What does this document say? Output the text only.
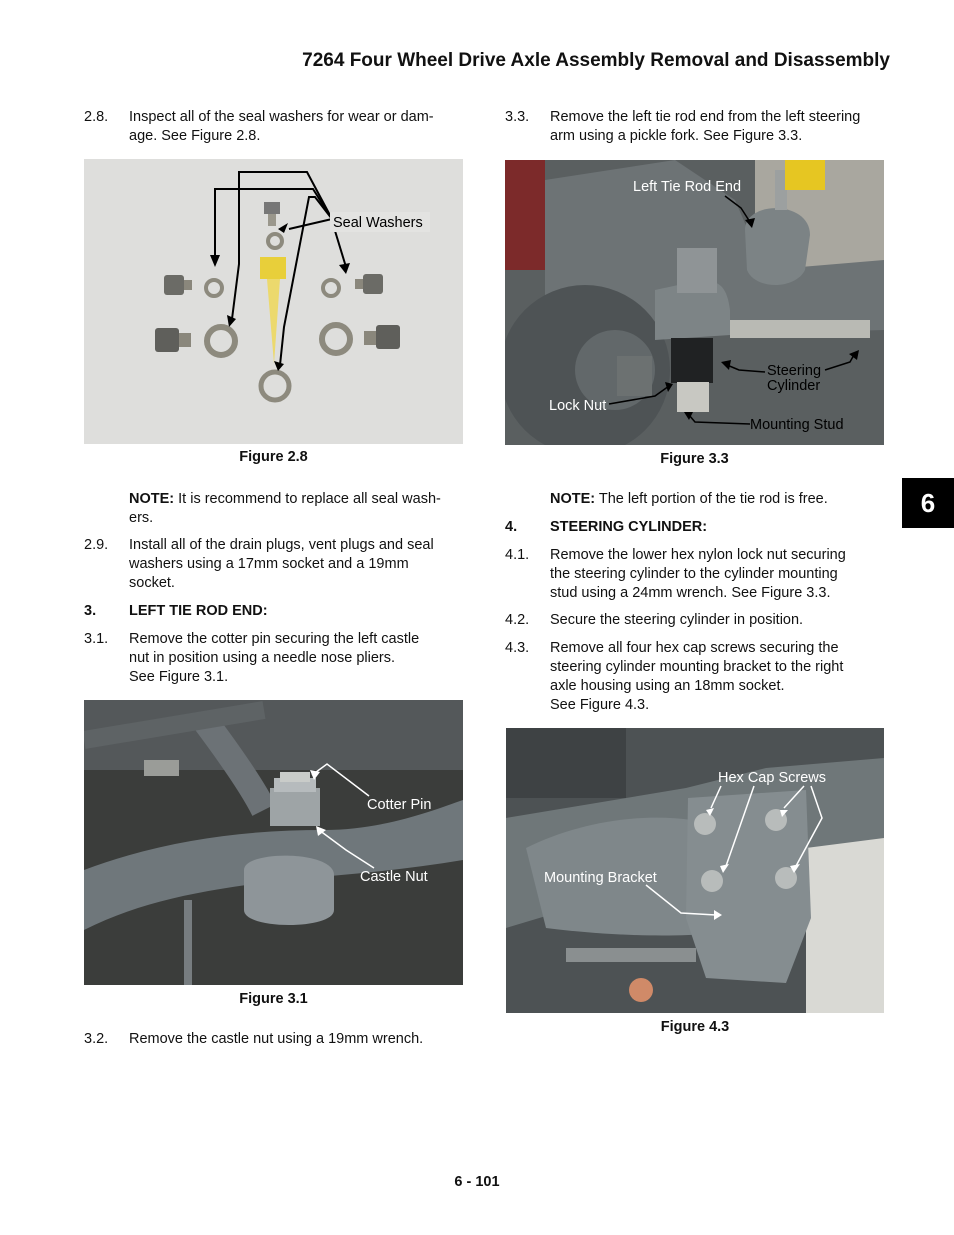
7264 Four Wheel Drive Axle Assembly Removal and Disassembly
2.8. Inspect all of the seal washers for wear or dam-
age. See Figure 2.8.
Seal Washers
Figure 2.8
NOTE: It is recommend to replace all seal wash-
ers.
2.9. Install all of the drain plugs, vent plugs and seal
washers using a 17mm socket and a 19mm
socket.
3. LEFT TIE ROD END:
3.1. Remove the cotter pin securing the left castle
nut in position using a needle nose pliers.
See Figure 3.1.
Cotter Pin
Castle Nut
Figure 3.1
3.2. Remove the castle nut using a 19mm wrench.
3.3. Remove the left tie rod end from the left steering
arm using a pickle fork. See Figure 3.3.
Left Tie Rod End
Steering
Cylinder
Lock Nut
Mounting Stud
Figure 3.3
NOTE: The left portion of the tie rod is free.
4. STEERING CYLINDER:
4.1. Remove the lower hex nylon lock nut securing
the steering cylinder to the cylinder mounting
stud using a 24mm wrench. See Figure 3.3.
4.2. Secure the steering cylinder in position.
4.3. Remove all four hex cap screws securing the
steering cylinder mounting bracket to the right
axle housing using an 18mm socket.
See Figure 4.3.
Hex Cap Screws
Mounting Bracket
Figure 4.3
6
6 - 101
